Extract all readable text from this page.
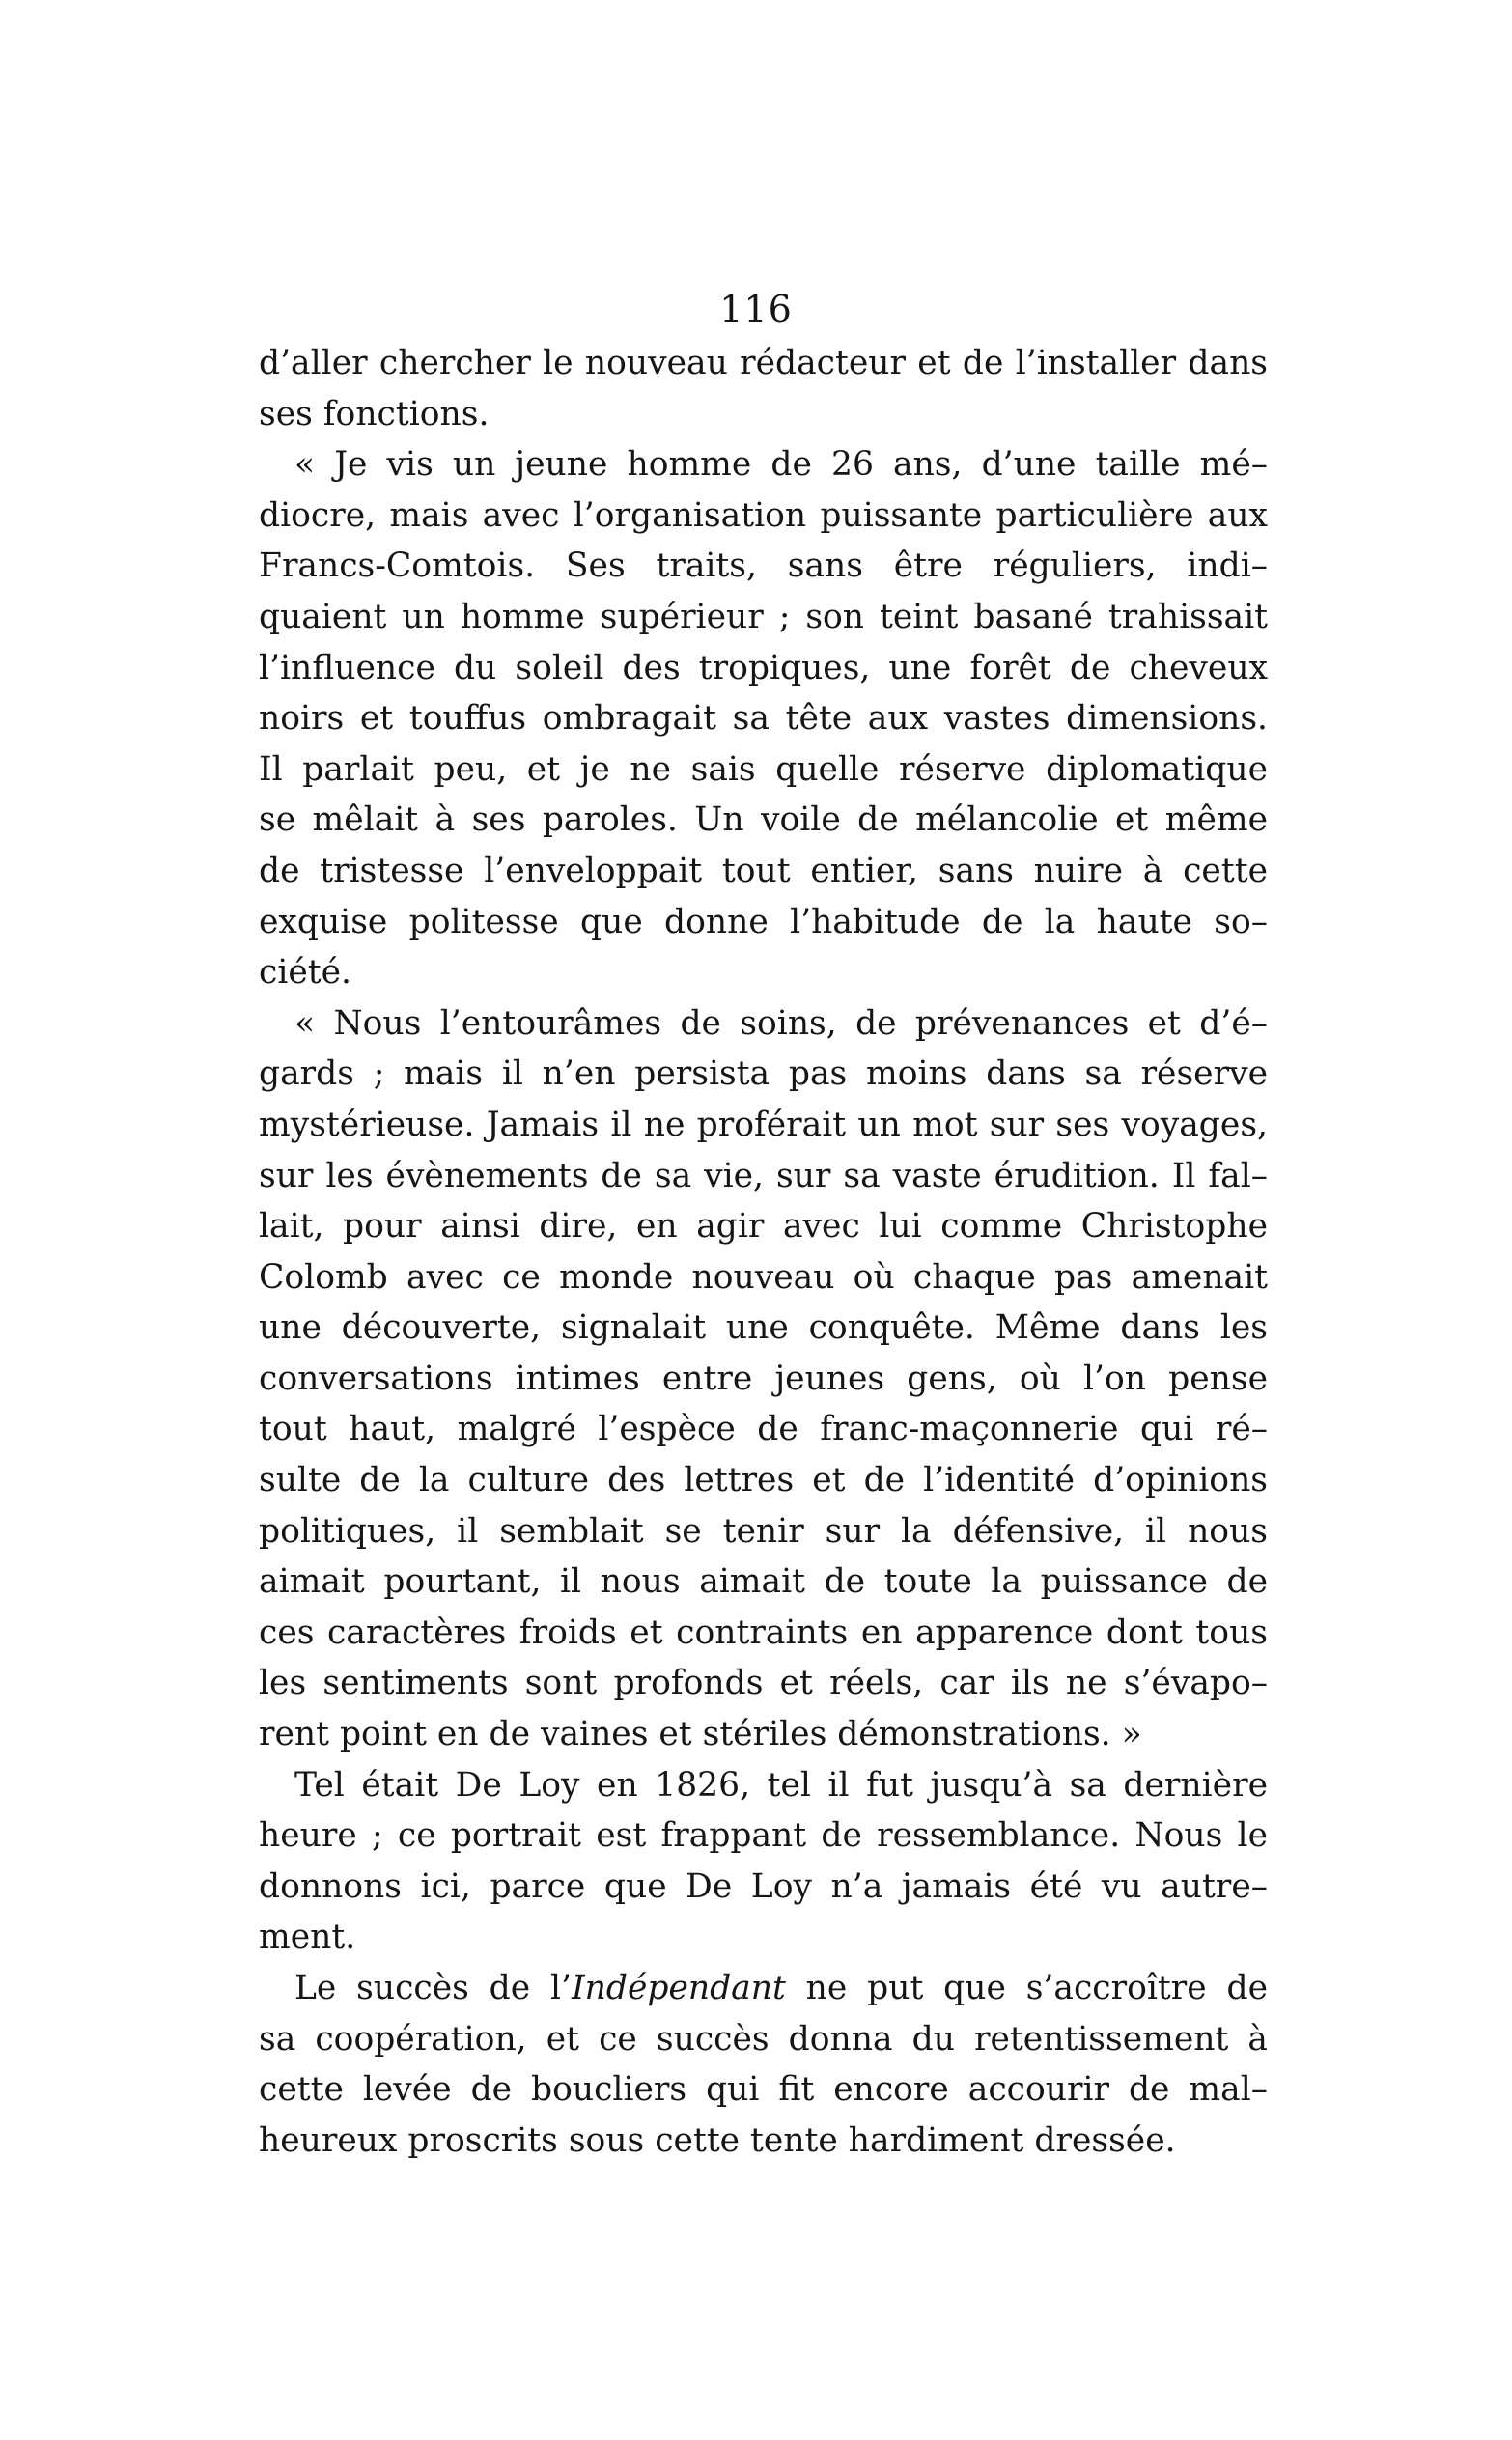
116
d’aller chercher le nouveau rédacteur et de l’installer dans
ses fonctions.
« Je vis un jeune homme de 26 ans, d’une taille mé–
diocre, mais avec l’organisation puissante particulière aux
Francs-Comtois. Ses traits, sans être réguliers, indi–
quaient un homme supérieur ; son teint basané trahissait
l’influence du soleil des tropiques, une forêt de cheveux
noirs et touffus ombragait sa tête aux vastes dimensions.
Il parlait peu, et je ne sais quelle réserve diplomatique
se mêlait à ses paroles. Un voile de mélancolie et même
de tristesse l’enveloppait tout entier, sans nuire à cette
exquise politesse que donne l’habitude de la haute so–
ciété.
« Nous l’entourâmes de soins, de prévenances et d’é–
gards ; mais il n’en persista pas moins dans sa réserve
mystérieuse. Jamais il ne proférait un mot sur ses voyages,
sur les évènements de sa vie, sur sa vaste érudition. Il fal–
lait, pour ainsi dire, en agir avec lui comme Christophe
Colomb avec ce monde nouveau où chaque pas amenait
une découverte, signalait une conquête. Même dans les
conversations intimes entre jeunes gens, où l’on pense
tout haut, malgré l’espèce de franc-maçonnerie qui ré–
sulte de la culture des lettres et de l’identité d’opinions
politiques, il semblait se tenir sur la défensive, il nous
aimait pourtant, il nous aimait de toute la puissance de
ces caractères froids et contraints en apparence dont tous
les sentiments sont profonds et réels, car ils ne s’évapo–
rent point en de vaines et stériles démonstrations. »
Tel était De Loy en 1826, tel il fut jusqu’à sa dernière
heure ; ce portrait est frappant de ressemblance. Nous le
donnons ici, parce que De Loy n’a jamais été vu autre–
ment.
Le succès de l’Indépendant ne put que s’accroître de
sa coopération, et ce succès donna du retentissement à
cette levée de boucliers qui fit encore accourir de mal–
heureux proscrits sous cette tente hardiment dressée.
